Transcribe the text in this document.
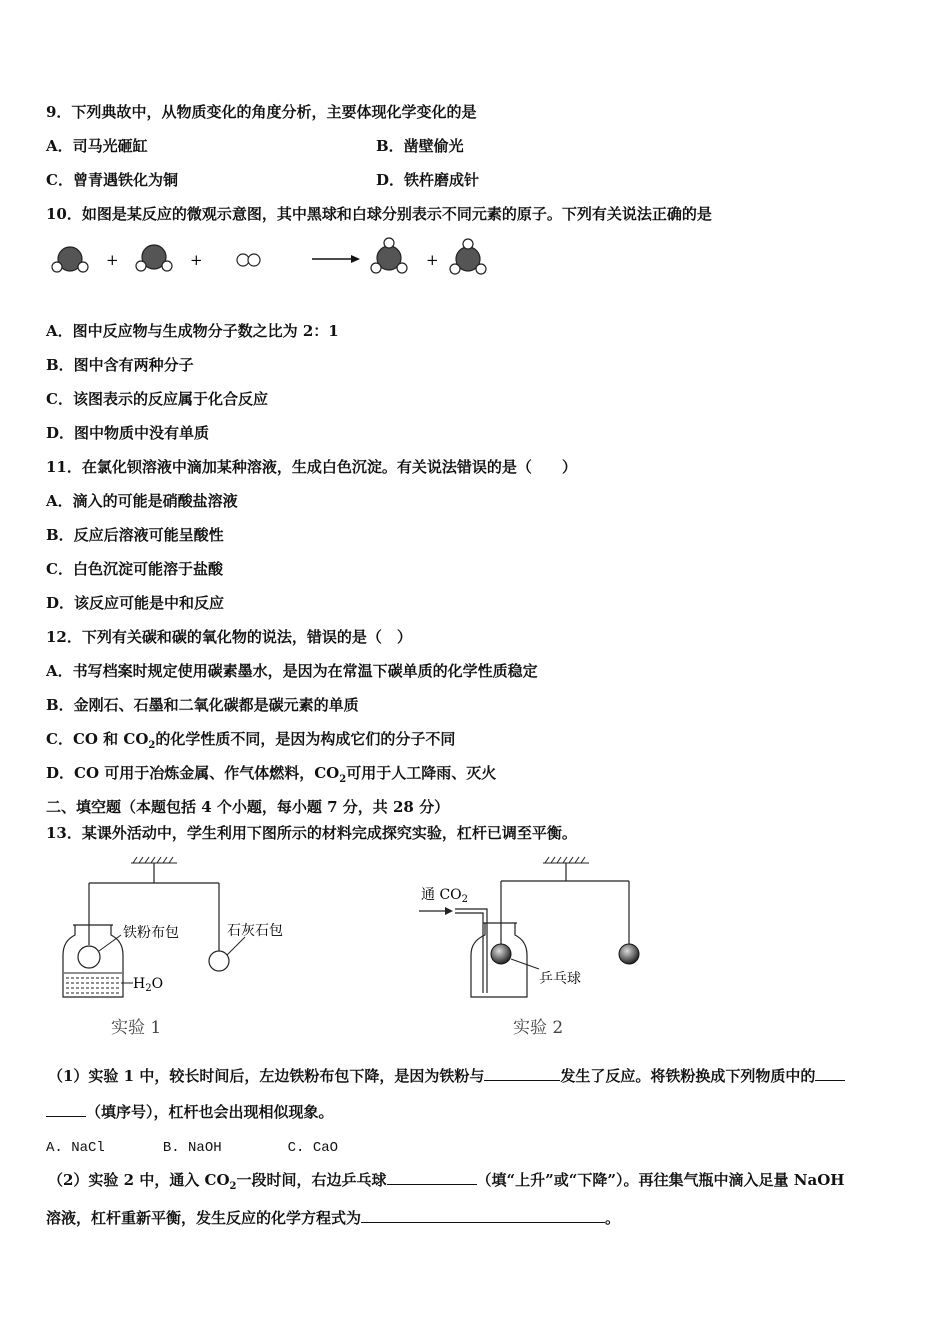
9．下列典故中，从物质变化的角度分析，主要体现化学变化的是
A．司马光砸缸	B．凿壁偷光
C．曾青遇铁化为铜	D．铁杵磨成针
10．如图是某反应的微观示意图，其中黑球和白球分别表示不同元素的原子。下列有关说法正确的是
+	+	+
A．图中反应物与生成物分子数之比为 2：1
B．图中含有两种分子
C．该图表示的反应属于化合反应
D．图中物质中没有单质
11．在氯化钡溶液中滴加某种溶液，生成白色沉淀。有关说法错误的是（　　）
A．滴入的可能是硝酸盐溶液
B．反应后溶液可能呈酸性
C．白色沉淀可能溶于盐酸
D．该反应可能是中和反应
12．下列有关碳和碳的氧化物的说法，错误的是（　）
A．书写档案时规定使用碳素墨水，是因为在常温下碳单质的化学性质稳定
B．金刚石、石墨和二氧化碳都是碳元素的单质
C．CO 和 $CO_2$的化学性质不同，是因为构成它们的分子不同
D．CO 可用于冶炼金属、作气体燃料，$CO_2$可用于人工降雨、灭火
二、填空题（本题包括 4 个小题，每小题 7 分，共 28 分）
13．某课外活动中，学生利用下图所示的材料完成探究实验，杠杆已调至平衡。
铁粉布包	石灰石包
$H_2O$
实验 1
通 $CO_2$
乒乓球
实验 2
（1）实验 1 中，较长时间后，左边铁粉布包下降，是因为铁粉与	发生了反应。将铁粉换成下列物质中的
（填序号），杠杆也会出现相似现象。
A. NaCl	B. NaOH	C. CaO
（2）实验 2 中，通入 $CO_2$一段时间，右边乒乓球	（填“上升”或“下降”）。再往集气瓶中滴入足量 NaOH
溶液，杠杆重新平衡，发生反应的化学方程式为	。
